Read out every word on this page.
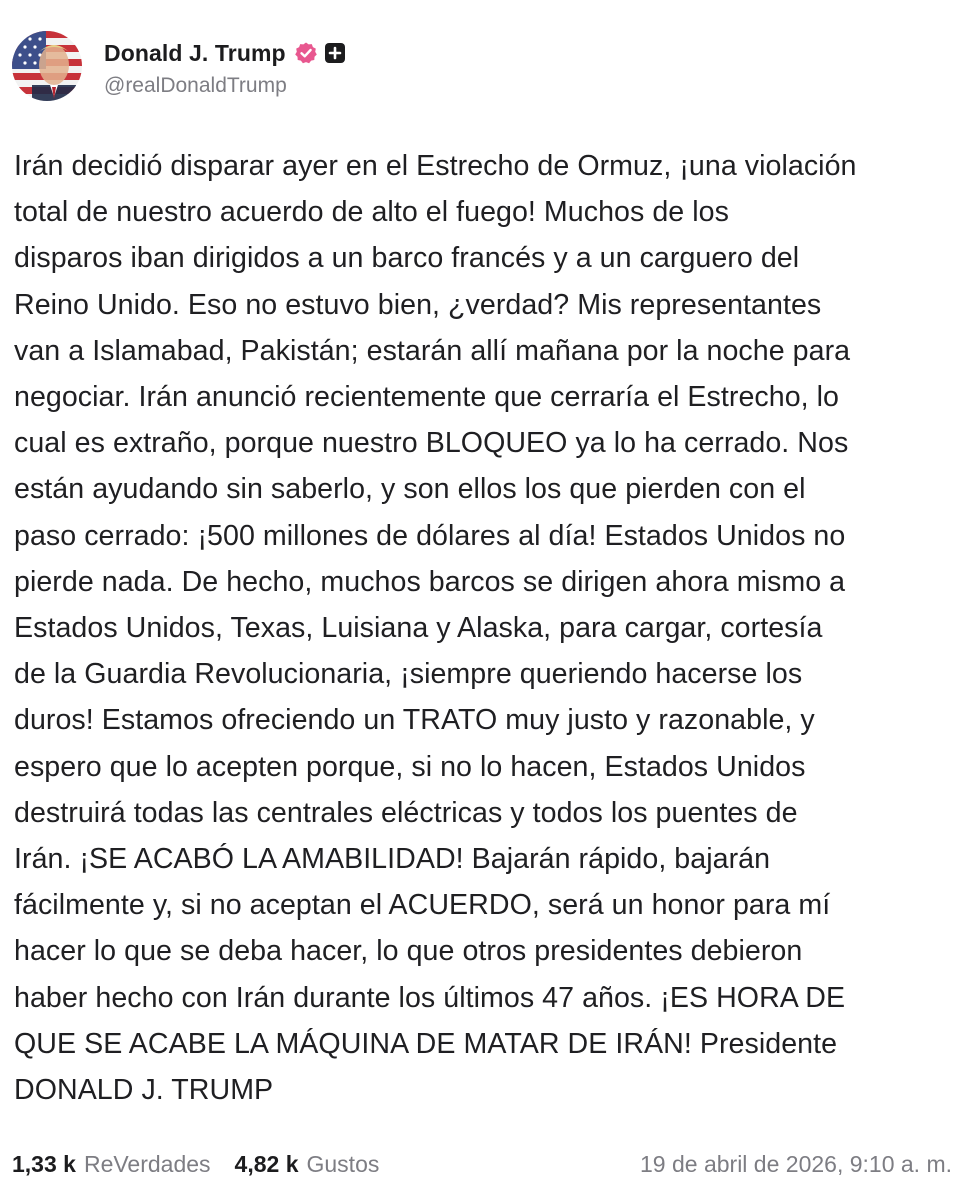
Donald J. Trump
@realDonaldTrump
Irán decidió disparar ayer en el Estrecho de Ormuz, ¡una violación
total de nuestro acuerdo de alto el fuego! Muchos de los
disparos iban dirigidos a un barco francés y a un carguero del
Reino Unido. Eso no estuvo bien, ¿verdad? Mis representantes
van a Islamabad, Pakistán; estarán allí mañana por la noche para
negociar. Irán anunció recientemente que cerraría el Estrecho, lo
cual es extraño, porque nuestro BLOQUEO ya lo ha cerrado. Nos
están ayudando sin saberlo, y son ellos los que pierden con el
paso cerrado: ¡500 millones de dólares al día! Estados Unidos no
pierde nada. De hecho, muchos barcos se dirigen ahora mismo a
Estados Unidos, Texas, Luisiana y Alaska, para cargar, cortesía
de la Guardia Revolucionaria, ¡siempre queriendo hacerse los
duros! Estamos ofreciendo un TRATO muy justo y razonable, y
espero que lo acepten porque, si no lo hacen, Estados Unidos
destruirá todas las centrales eléctricas y todos los puentes de
Irán. ¡SE ACABÓ LA AMABILIDAD! Bajarán rápido, bajarán
fácilmente y, si no aceptan el ACUERDO, será un honor para mí
hacer lo que se deba hacer, lo que otros presidentes debieron
haber hecho con Irán durante los últimos 47 años. ¡ES HORA DE
QUE SE ACABE LA MÁQUINA DE MATAR DE IRÁN! Presidente
DONALD J. TRUMP
1,33 k ReVerdades 4,82 k Gustos	19 de abril de 2026, 9:10 a. m.
